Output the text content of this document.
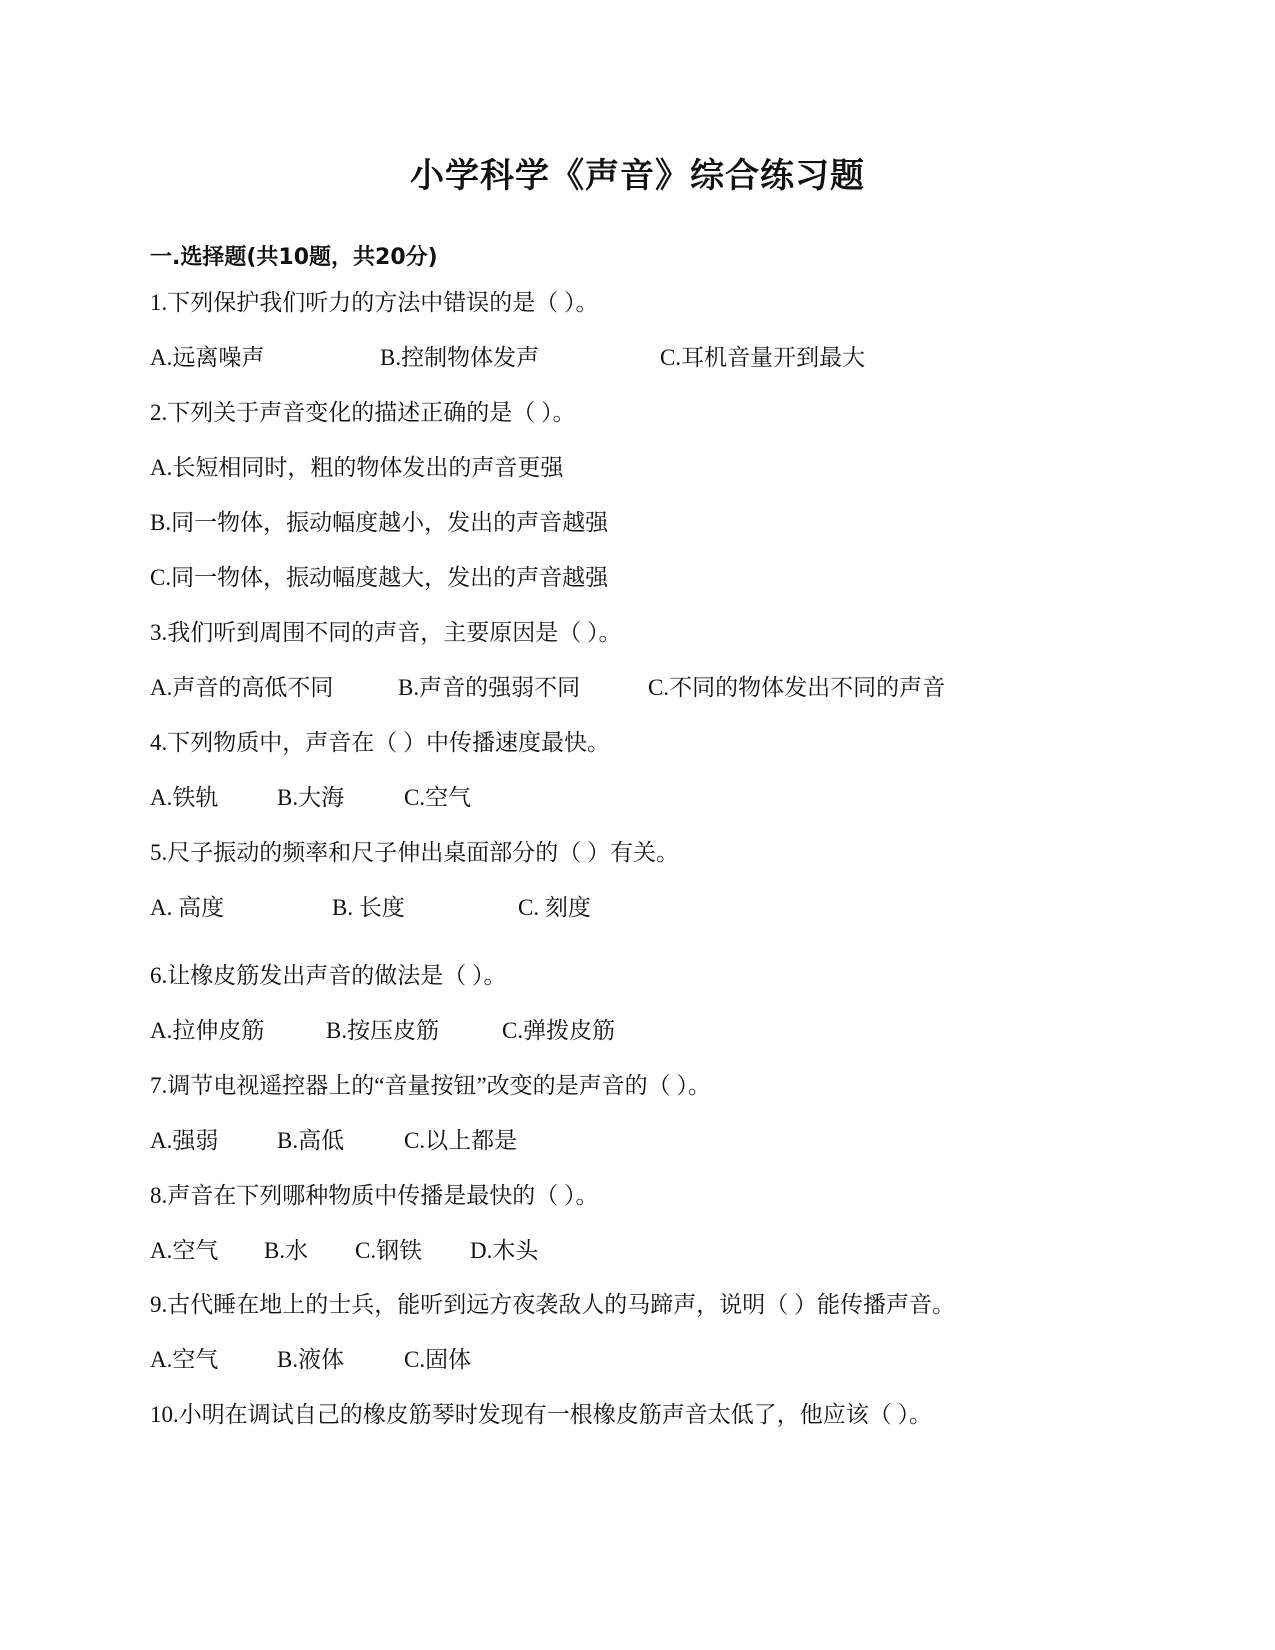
小学科学《声音》综合练习题
一.选择题(共10题，共20分)
1.下列保护我们听力的方法中错误的是（ ）。
A.远离噪声	B.控制物体发声	C.耳机音量开到最大
2.下列关于声音变化的描述正确的是（ ）。
A.长短相同时，粗的物体发出的声音更强
B.同一物体，振动幅度越小，发出的声音越强
C.同一物体，振动幅度越大，发出的声音越强
3.我们听到周围不同的声音，主要原因是（ ）。
A.声音的高低不同	B.声音的强弱不同	C.不同的物体发出不同的声音
4.下列物质中，声音在（ ）中传播速度最快。
A.铁轨	B.大海	C.空气
5.尺子振动的频率和尺子伸出桌面部分的（ ）有关。
A. 高度	B. 长度	C. 刻度
6.让橡皮筋发出声音的做法是（ ）。
A.拉伸皮筋	B.按压皮筋	C.弹拨皮筋
7.调节电视遥控器上的“音量按钮”改变的是声音的（ ）。
A.强弱	B.高低	C.以上都是
8.声音在下列哪种物质中传播是最快的（ ）。
A.空气 B.水 C.钢铁 D.木头
9.古代睡在地上的士兵，能听到远方夜袭敌人的马蹄声，说明（ ）能传播声音。
A.空气	B.液体	C.固体
10.小明在调试自己的橡皮筋琴时发现有一根橡皮筋声音太低了，他应该（ ）。
